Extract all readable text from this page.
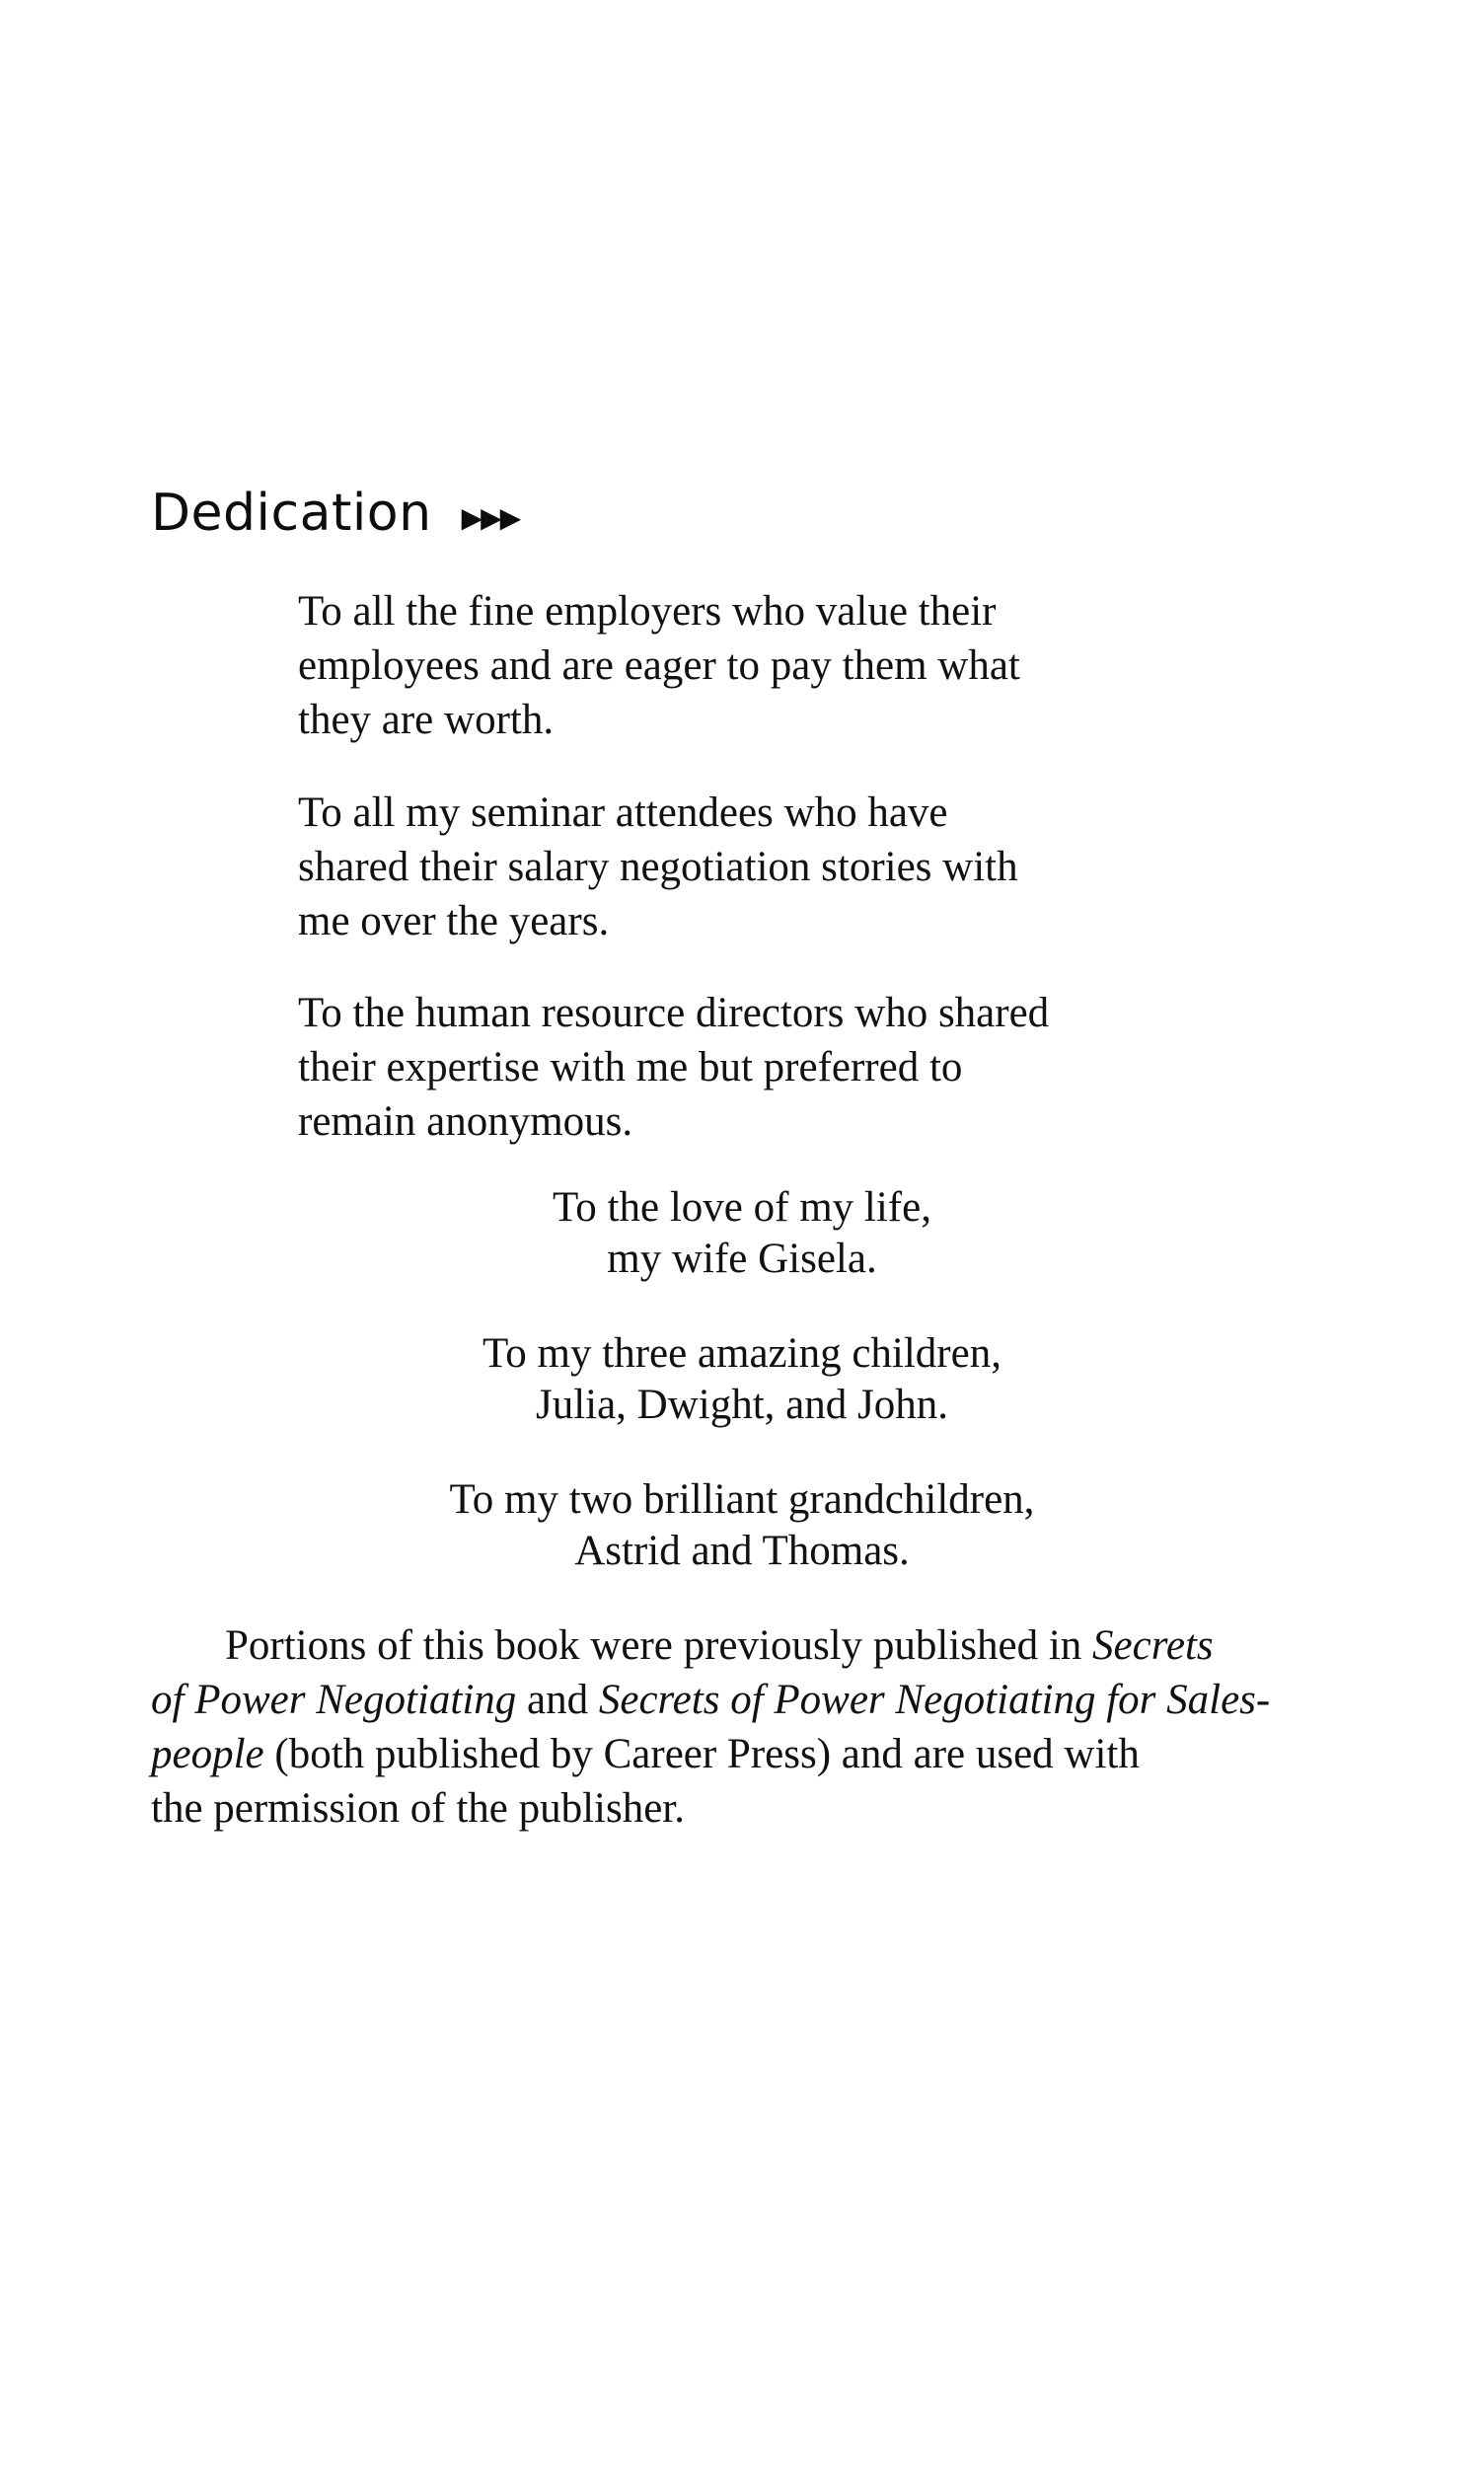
Dedication ▶▶▶

To all the fine employers who value their

employees and are eager to pay them what

they are worth.

To all my seminar attendees who have

shared their salary negotiation stories with

me over the years.

To the human resource directors who shared

their expertise with me but preferred to

remain anonymous.

To the love of my life,

my wife Gisela.

To my three amazing children,

Julia, Dwight, and John.

To my two brilliant grandchildren,

Astrid and Thomas.

Portions of this book were previously published in Secrets

of Power Negotiating and Secrets of Power Negotiating for Sales-

people (both published by Career Press) and are used with

the permission of the publisher.
